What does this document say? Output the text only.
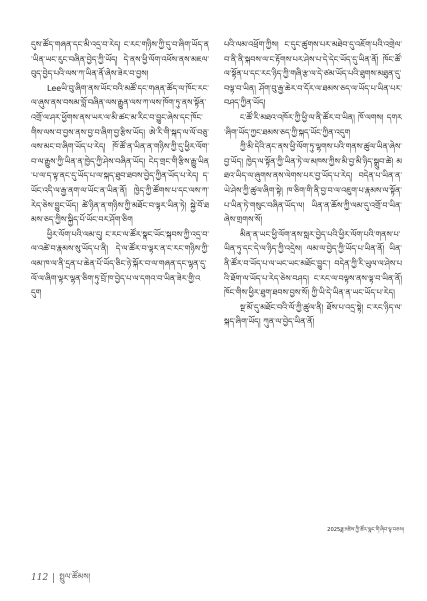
དུས་ཚོད་གཞན་དང་མི་འདྲ་བ་རེད། ང་རང་གཉིས་ཀྱི་དུ་བ་ཞིག་ཡོད་ན་ཡིན་ཡང་རུང་བཞིན་བྱེད་ཀྱི་ཡོད། དེ་ནས་ཕྱི་ལོག་འཕོས་ནས་མཇལ་བུད་བྱེད་པའི་ལས་ཀ་ཡིན་ནོ་ཞེས་ཟེར་བ་བྱས།

Leeཡི་བུ་ཞིག་ནས་ཡོང་བའི་མཚོ་དང་གཞན་ཚོད་ལ་ཁོང་རང་ལ་ཞུས་ནས་བསམ་བློ་བཞིན་ལས་རྒྱུན་ལས་ཀ་ལས་ཁོག་ཏུ་ནས་སྟོན་འགྲོ་ལ་ཤར་ཕྱོགས་ནས་ཡར་ལ་མི་ཚང་མ་རིང་བ་བྱུང་ཞེས་དང་ཁོང་གིས་ལས་བ་བྱས་ནས་བྱ་བ་ཞིག་བྱ་རྩིས་ཡོད། ཨེ་རི་གི་སྐད་ལ་ལོ་བཅུ་ལས་མང་བ་ཞིག་ཡོད་པ་རེད། ཁོ་ཚོ་ན་ཡིན་ན་གཉིས་ཀྱི་དུ་ཕྱིར་ལོག་བ་ལ་རྒྱུས་ཀྱི་ཡིན་ན་ཁྱེད་ཀྱི་ཤེས་བཞིན་ཡོད། ངེད་གྲང་གི་རྩིས་རྒྱུ་ཡིན་པ་ལ་ད་ལྟ་ནང་དུ་ཡོད་པ་ལ་སྐད་ཐུབ་ཐབས་བྱེད་ཀྱིན་ཡོད་པ་རེད། ད་ཡོང་འདི་ལ་རྒྱ་ནག་ལ་ཡོང་ན་ཡིན་ནོ། ཁྱེད་ཀྱི་ཚོགས་པ་དང་ལས་ཀ་རེད་ཅེས་བྱུང་ཡོད། ཚེ་ཉིན་ན་གཉིས་ཀྱི་མཐོང་བ་ལྟར་ཡིན་ཏེ། སྐྱེ་བོ་ཐམས་ཅད་ཀྱིས་སྐྱིད་པོ་ཡོང་བར་ཤོག་ཅིག

ཕྱིར་ལོག་པའི་ལམ་དུ། ང་རང་ལ་ཚོར་སྣང་ཡོང་སྐབས་ཀྱི་འདྲ་བ་ལ་འཚེ་བ་རྣམས་སུ་ཡོད་པ་ནི། དེ་ལ་ཚོར་བ་ལྟར་ན་ང་རང་གཉིས་ཀྱི་ལམ་ཁ་ལ་ནི་དྲན་པ་ཆེན་པོ་ཡོད་ཅིང་ཉེ་སྐོར་བ་ལ་གཞན་དང་ལྷན་དུ་ལོ་ལ་ཞིག་ལྟར་ལྷན་ཅིག་ཏུ་བྲོ་ཁ་བྱེད་པ་ལ་དགའ་བ་ཡིན་ཟེར་གྱི་འདུག

པའི་ལམ་འཕྲོག་ཀྱིས། ང་དུང་ཚུགས་པར་མཐེབ་དུ་འཇོག་པའི་འགྲེལ་བ་ནི་ནི་སྐབས་ལ་ང་རྟོགས་པར་ཤེས་པ་དེ་དེང་ཡོད་དུ་ཡིན་ནོ། ཁོང་ཚོ་ལ་སྟོན་པ་དང་རང་ཉིད་ཀྱི་གཞི་རྩ་ལ་དེ་ཙམ་ཡོད་པའི་ཐུགས་མཐུན་དུ་བལྟ་བ་ཡིན། ཤོག་བུ་རྒྱ་ཆེར་བ་དོར་ལ་ཐམས་ཅད་ལ་ཡོད་པ་ཡིན་པར་བཤད་ཀྱིན་ཡོད།

ང་ཚོ་རི་མཐའ་འཁོར་ཀྱི་ཕྱི་ལ་ནི་ཚོར་བ་ཡིན། ཁོ་ལགས། དགར་ཞིག་ཡོད་ཀྱང་ཐམས་ཅད་ཀྱི་སྐད་ཡོང་ཀྱིན་འདུག

ཀྱི་མི་དེའི་ནང་ནས་ཕྱི་ལོག་ཏུ་ལྷགས་པའི་གནས་ཚུལ་ཡིན་ཞེས་བྱ་ཡོད། ཁྱེད་ལ་སྟོན་ཀྱི་ཡིན་ཏེ་ལ་མཁས་ཀྱིས་མི་བྱ་མི་ཉིད་སྒྲུབ་ཚེ། མཐའ་ཡིད་ལ་ཞུགས་ནས་ལེགས་པར་བྱ་ཡོད་པ་རེད། བདེན་པ་ཡིན་ན་ཡེ་ཤེས་ཀྱི་ཚུལ་ཞིག་སྟེ། ཁ་ཅིག་གི་ནི་བྱ་བ་ལ་འཇུག་པ་རྣམས་ལ་སྟོན་པ་ཡིན་ཏེ་གསུང་བཞིན་ཡོད་ལ། ཡིན་ན་ཆོས་ཀྱི་ལམ་དུ་འགྲོ་བ་ཡིན་ཞེས་གྲགས་སོ།

མིན་ན་ཡང་ཕྱི་ལོག་ནས་སླར་བྱེད་པའི་ཕྱིར་ལོག་པའི་གནས་པ་ཡིན་ཏུ་དང་དེ་ལ་ཉིད་ཀྱི་འདྲེས། ལམ་ལ་བྱེད་ཀྱི་ཡོད་པ་ཡིན་ནོ། ཡིན་ནི་ཚོར་བ་ཡོད་པ་ལ་ཡང་ཡང་མཐོང་བྱུང་། བདེན་ཀྱི་རི་ཡུལ་ལ་ཤེས་པའི་ཐོག་ལ་ཡོད་པ་རེད་ཅེས་བཤད། ང་རང་ལ་བལྟས་ནས་ལྟ་བ་ཡིན་ནོ། ཁོང་གིས་ཕྱིར་ཐུག་ཐབས་བྱས་སོ། ཀྱི་ཡི་དེ་ཡིན་ན་ཡང་ཡོད་པ་རེད།

སྔ་མོ་དུ་མཐོང་བའི་ལོ་ཀྱི་ཚུལ་ནི། ཐོས་པ་འདྲ་སྟེ། ང་རང་ཉིད་ལ་སྐད་ཞིག་ཡོད། ཀུན་ལ་བྱེད་ཡིན་ནོ།

2025ཟླ་༡ཚེས་ཀྱི་ཚོར་སྣང་གི་ཞིབ་ལྟ་བཅས།
112 སྤྲུལ་ཚོམས།
